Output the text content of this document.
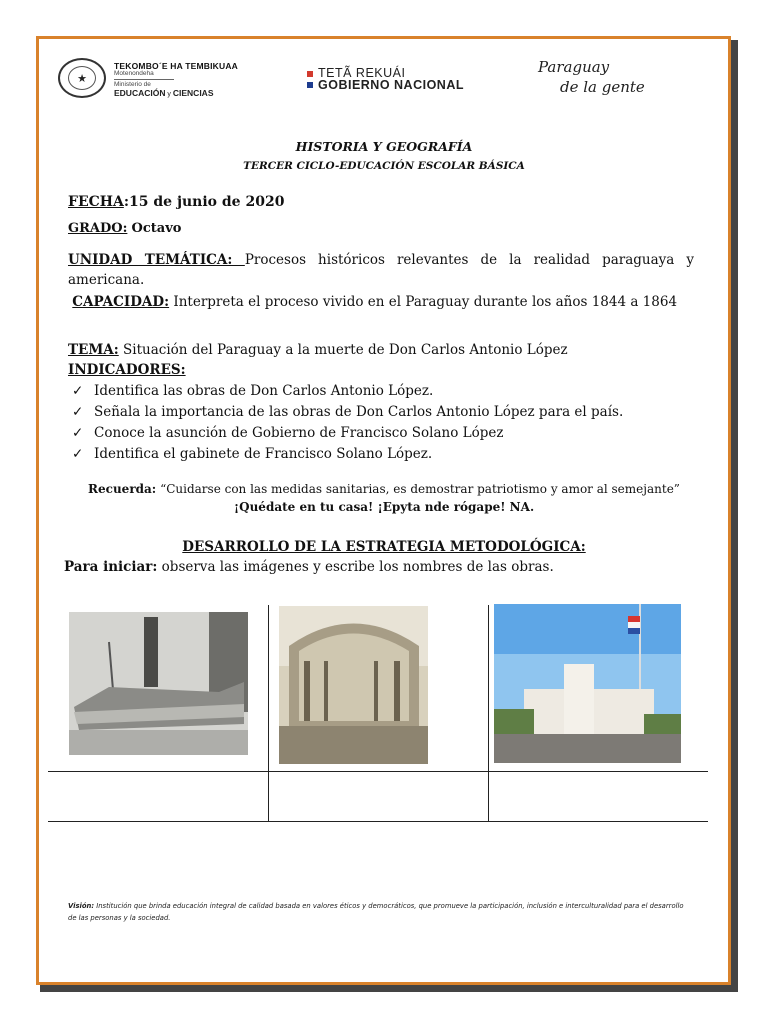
★
TEKOMBO´E HA TEMBIKUAA
Motenondeha
Ministerio de
EDUCACIÓN y CIENCIAS
TETÃ REKUÁI
GOBIERNO NACIONAL
Paraguay
de la gente
HISTORIA Y GEOGRAFÍA
TERCER CICLO-EDUCACIÓN ESCOLAR BÁSICA
FECHA:15 de junio de 2020
GRADO: Octavo
UNIDAD TEMÁTICA: Procesos históricos relevantes de la realidad paraguaya y americana.
CAPACIDAD: Interpreta el proceso vivido en el Paraguay durante los años 1844 a 1864
TEMA: Situación del Paraguay a la muerte de Don Carlos Antonio López
INDICADORES:
✓ Identifica las obras de Don Carlos Antonio López.
✓ Señala la importancia de las obras de Don Carlos Antonio López para el país.
✓ Conoce la asunción de Gobierno de Francisco Solano López
✓ Identifica el gabinete de Francisco Solano López.
Recuerda: “Cuidarse con las medidas sanitarias, es demostrar patriotismo y amor al semejante”
¡Quédate en tu casa! ¡Epyta nde rógape! NA.
DESARROLLO DE LA ESTRATEGIA METODOLÓGICA:
Para iniciar: observa las imágenes y escribe los nombres de las obras.
Visión: Institución que brinda educación integral de calidad basada en valores éticos y democráticos, que promueve la participación, inclusión e interculturalidad para el desarrollo de las personas y la sociedad.
